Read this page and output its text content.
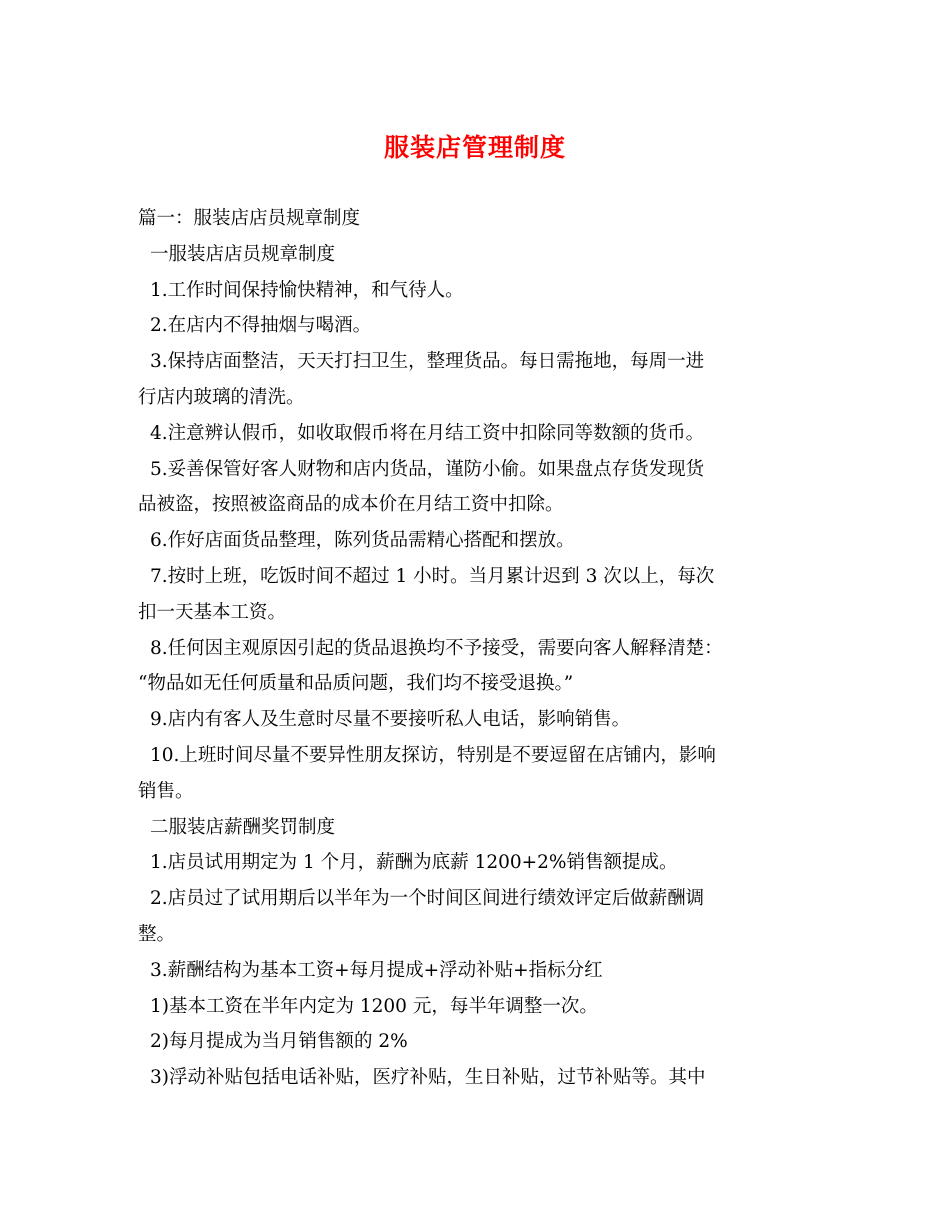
服装店管理制度

篇一：服装店店员规章制度

一服装店店员规章制度

1.工作时间保持愉快精神，和气待人。

2.在店内不得抽烟与喝酒。

3.保持店面整洁，天天打扫卫生，整理货品。每日需拖地，每周一进

行店内玻璃的清洗。

4.注意辨认假币，如收取假币将在月结工资中扣除同等数额的货币。

5.妥善保管好客人财物和店内货品，谨防小偷。如果盘点存货发现货

品被盗，按照被盗商品的成本价在月结工资中扣除。

6.作好店面货品整理，陈列货品需精心搭配和摆放。

7.按时上班，吃饭时间不超过 1 小时。当月累计迟到 3 次以上，每次

扣一天基本工资。

8.任何因主观原因引起的货品退换均不予接受，需要向客人解释清楚：

“物品如无任何质量和品质问题，我们均不接受退换。”

9.店内有客人及生意时尽量不要接听私人电话，影响销售。

10.上班时间尽量不要异性朋友探访，特别是不要逗留在店铺内，影响

销售。

二服装店薪酬奖罚制度

1.店员试用期定为 1 个月，薪酬为底薪 1200+2%销售额提成。

2.店员过了试用期后以半年为一个时间区间进行绩效评定后做薪酬调

整。

3.薪酬结构为基本工资+每月提成+浮动补贴+指标分红

1)基本工资在半年内定为 1200 元，每半年调整一次。

2)每月提成为当月销售额的 2%

3)浮动补贴包括电话补贴，医疗补贴，生日补贴，过节补贴等。其中
